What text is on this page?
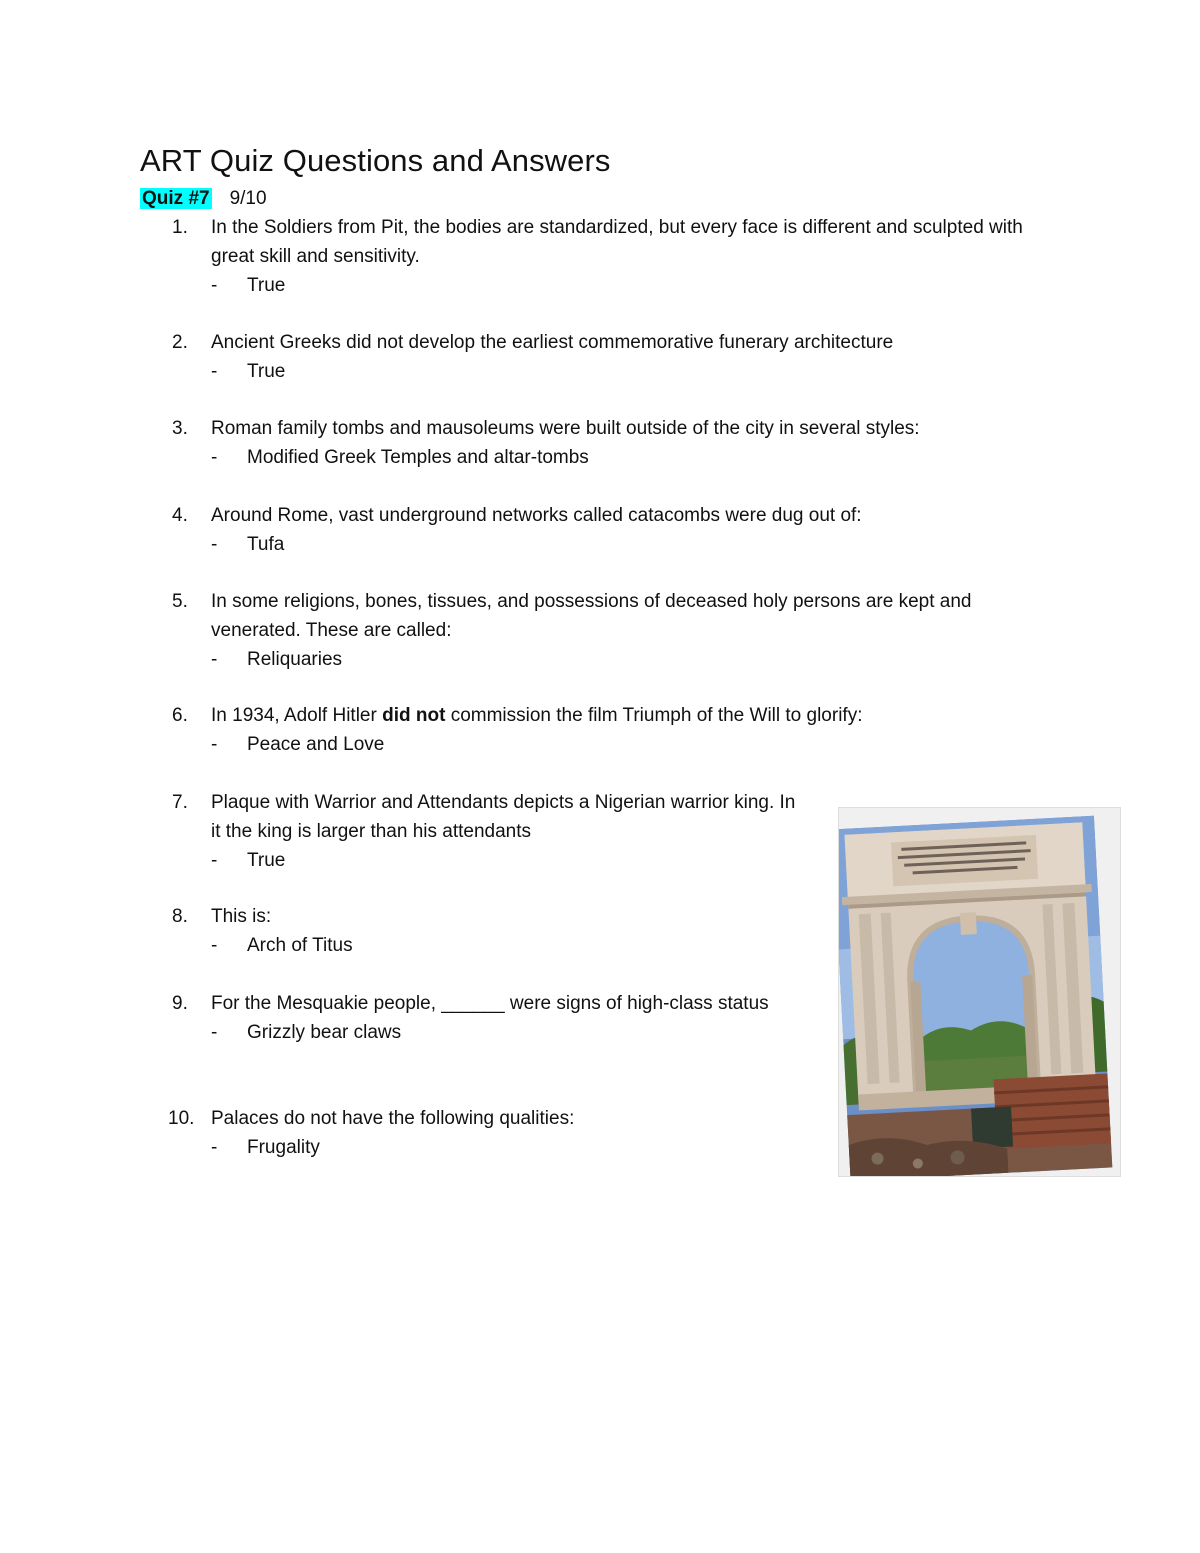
ART Quiz Questions and Answers
Quiz #7 9/10
1.	In the Soldiers from Pit, the bodies are standardized, but every face is different and sculpted with great skill and sensitivity.
- True
2.	Ancient Greeks did not develop the earliest commemorative funerary architecture
- True
3.	Roman family tombs and mausoleums were built outside of the city in several styles:
- Modified Greek Temples and altar-tombs
4.	Around Rome, vast underground networks called catacombs were dug out of:
- Tufa
5.	In some religions, bones, tissues, and possessions of deceased holy persons are kept and venerated. These are called:
- Reliquaries
6.	In 1934, Adolf Hitler did not commission the film Triumph of the Will to glorify:
- Peace and Love
7.	Plaque with Warrior and Attendants depicts a Nigerian warrior king. In it the king is larger than his attendants
- True
8.	This is:
- Arch of Titus
9.	For the Mesquakie people, ______ were signs of high-class status
- Grizzly bear claws
10. Palaces do not have the following qualities:
- Frugality
